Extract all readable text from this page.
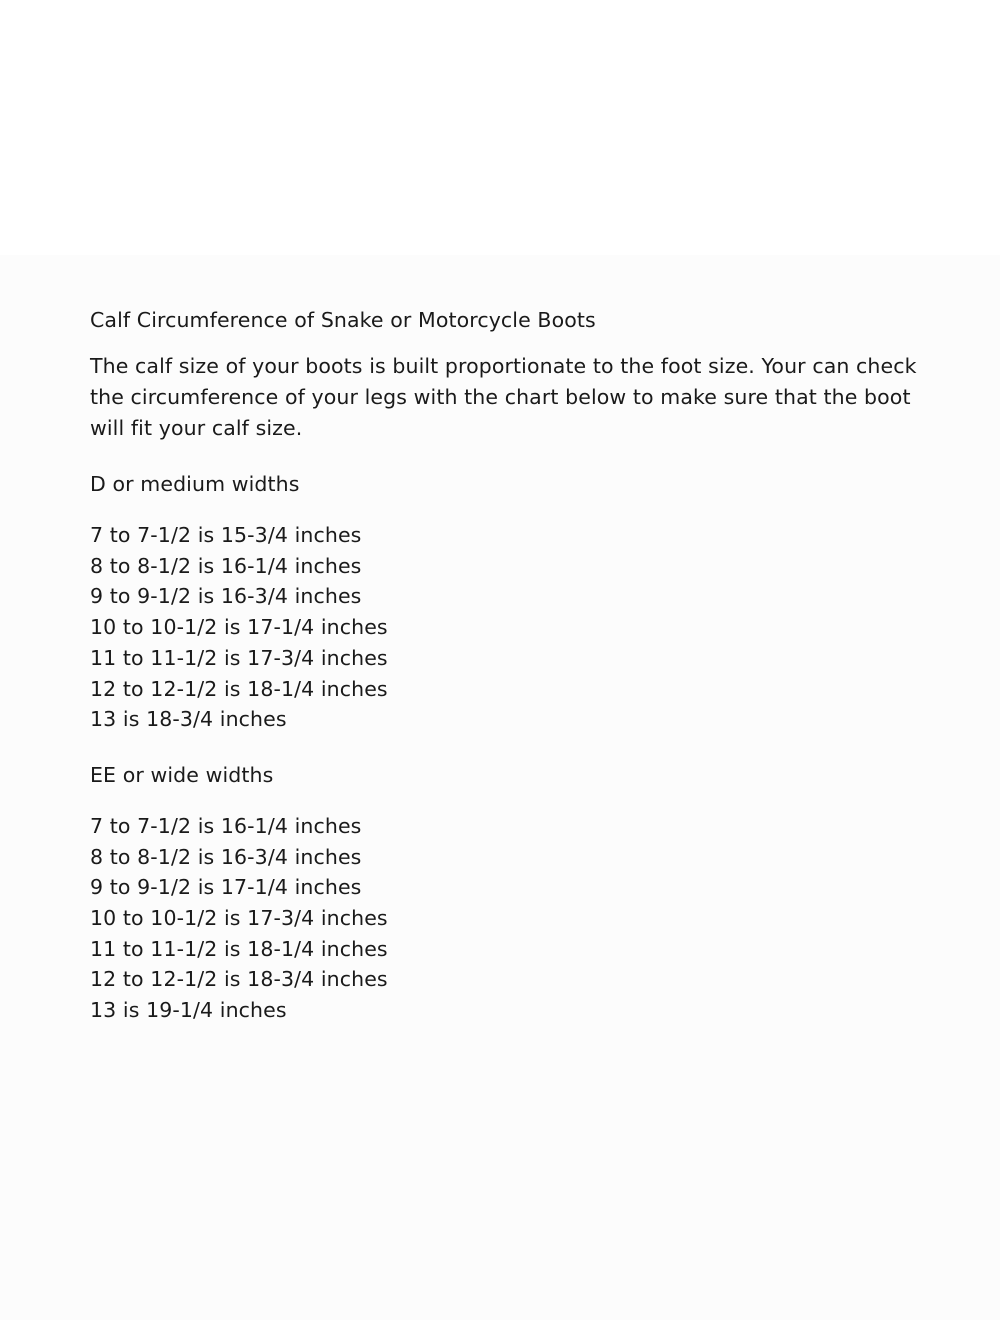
Calf Circumference of Snake or Motorcycle Boots

The calf size of your boots is built proportionate to the foot size. Your can check the circumference of your legs with the chart below to make sure that the boot will fit your calf size.

D or medium widths
7 to 7-1/2 is 15-3/4 inches
8 to 8-1/2 is 16-1/4 inches
9 to 9-1/2 is 16-3/4 inches
10 to 10-1/2 is 17-1/4 inches
11 to 11-1/2 is 17-3/4 inches
12 to 12-1/2 is 18-1/4 inches
13 is 18-3/4 inches
EE or wide widths
7 to 7-1/2 is 16-1/4 inches
8 to 8-1/2 is 16-3/4 inches
9 to 9-1/2 is 17-1/4 inches
10 to 10-1/2 is 17-3/4 inches
11 to 11-1/2 is 18-1/4 inches
12 to 12-1/2 is 18-3/4 inches
13 is 19-1/4 inches
